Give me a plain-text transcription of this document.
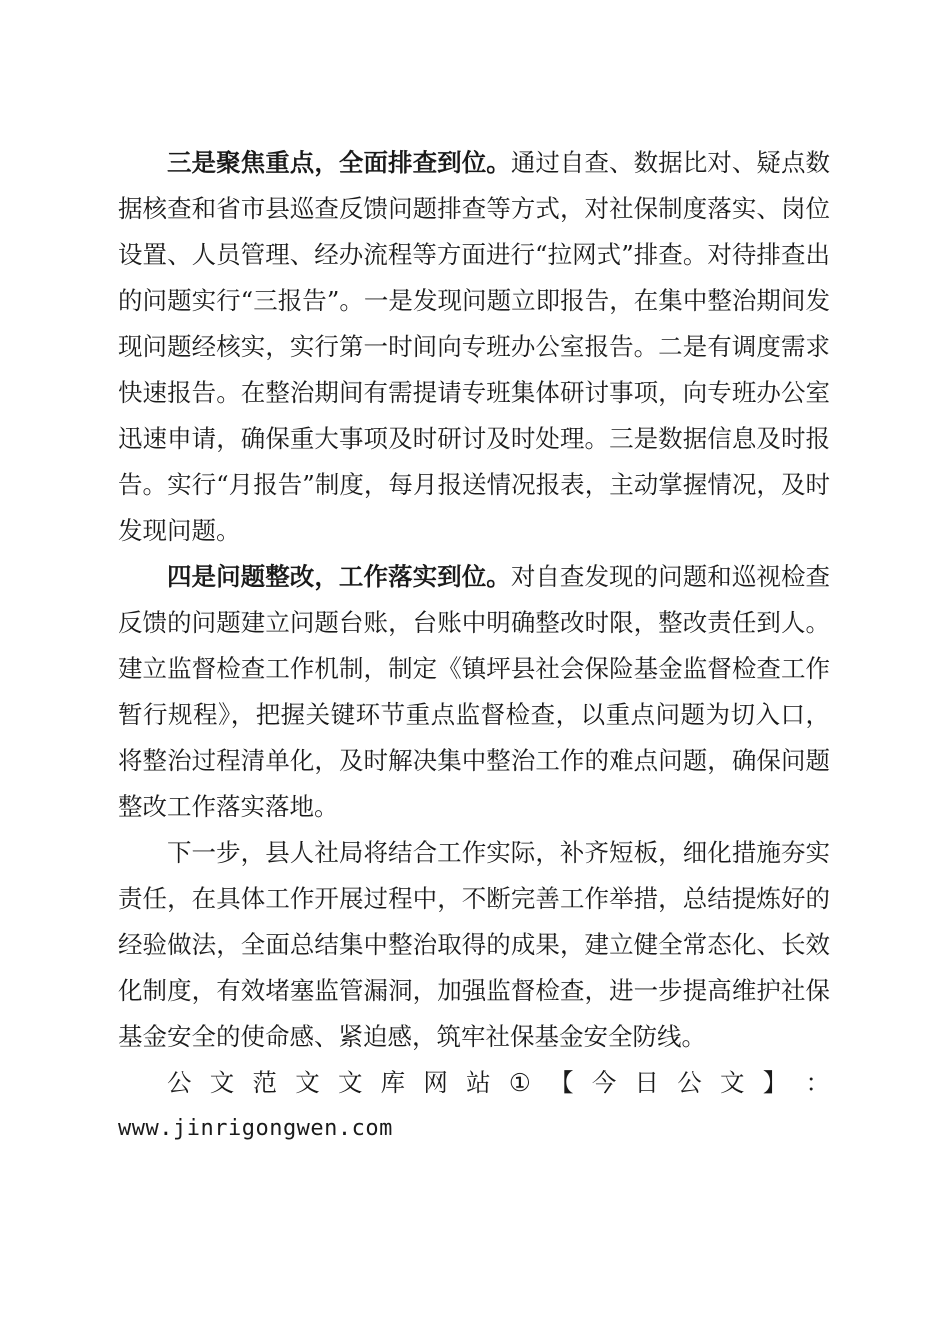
三是聚焦重点，全面排查到位。通过自查、数据比对、疑点数据核查和省市县巡查反馈问题排查等方式，对社保制度落实、岗位设置、人员管理、经办流程等方面进行“拉网式”排查。对待排查出的问题实行“三报告”。一是发现问题立即报告，在集中整治期间发现问题经核实，实行第一时间向专班办公室报告。二是有调度需求快速报告。在整治期间有需提请专班集体研讨事项，向专班办公室迅速申请，确保重大事项及时研讨及时处理。三是数据信息及时报告。实行“月报告”制度，每月报送情况报表，主动掌握情况，及时发现问题。

四是问题整改，工作落实到位。对自查发现的问题和巡视检查反馈的问题建立问题台账，台账中明确整改时限，整改责任到人。建立监督检查工作机制，制定《镇坪县社会保险基金监督检查工作暂行规程》，把握关键环节重点监督检查，以重点问题为切入口，将整治过程清单化，及时解决集中整治工作的难点问题，确保问题整改工作落实落地。

下一步，县人社局将结合工作实际，补齐短板，细化措施夯实责任，在具体工作开展过程中，不断完善工作举措，总结提炼好的经验做法，全面总结集中整治取得的成果，建立健全常态化、长效化制度，有效堵塞监管漏洞，加强监督检查，进一步提高维护社保基金安全的使命感、紧迫感，筑牢社保基金安全防线。

公 文 范 文 文 库 网 站 ① 【 今 日 公 文 】 ：

www.jinrigongwen.com
